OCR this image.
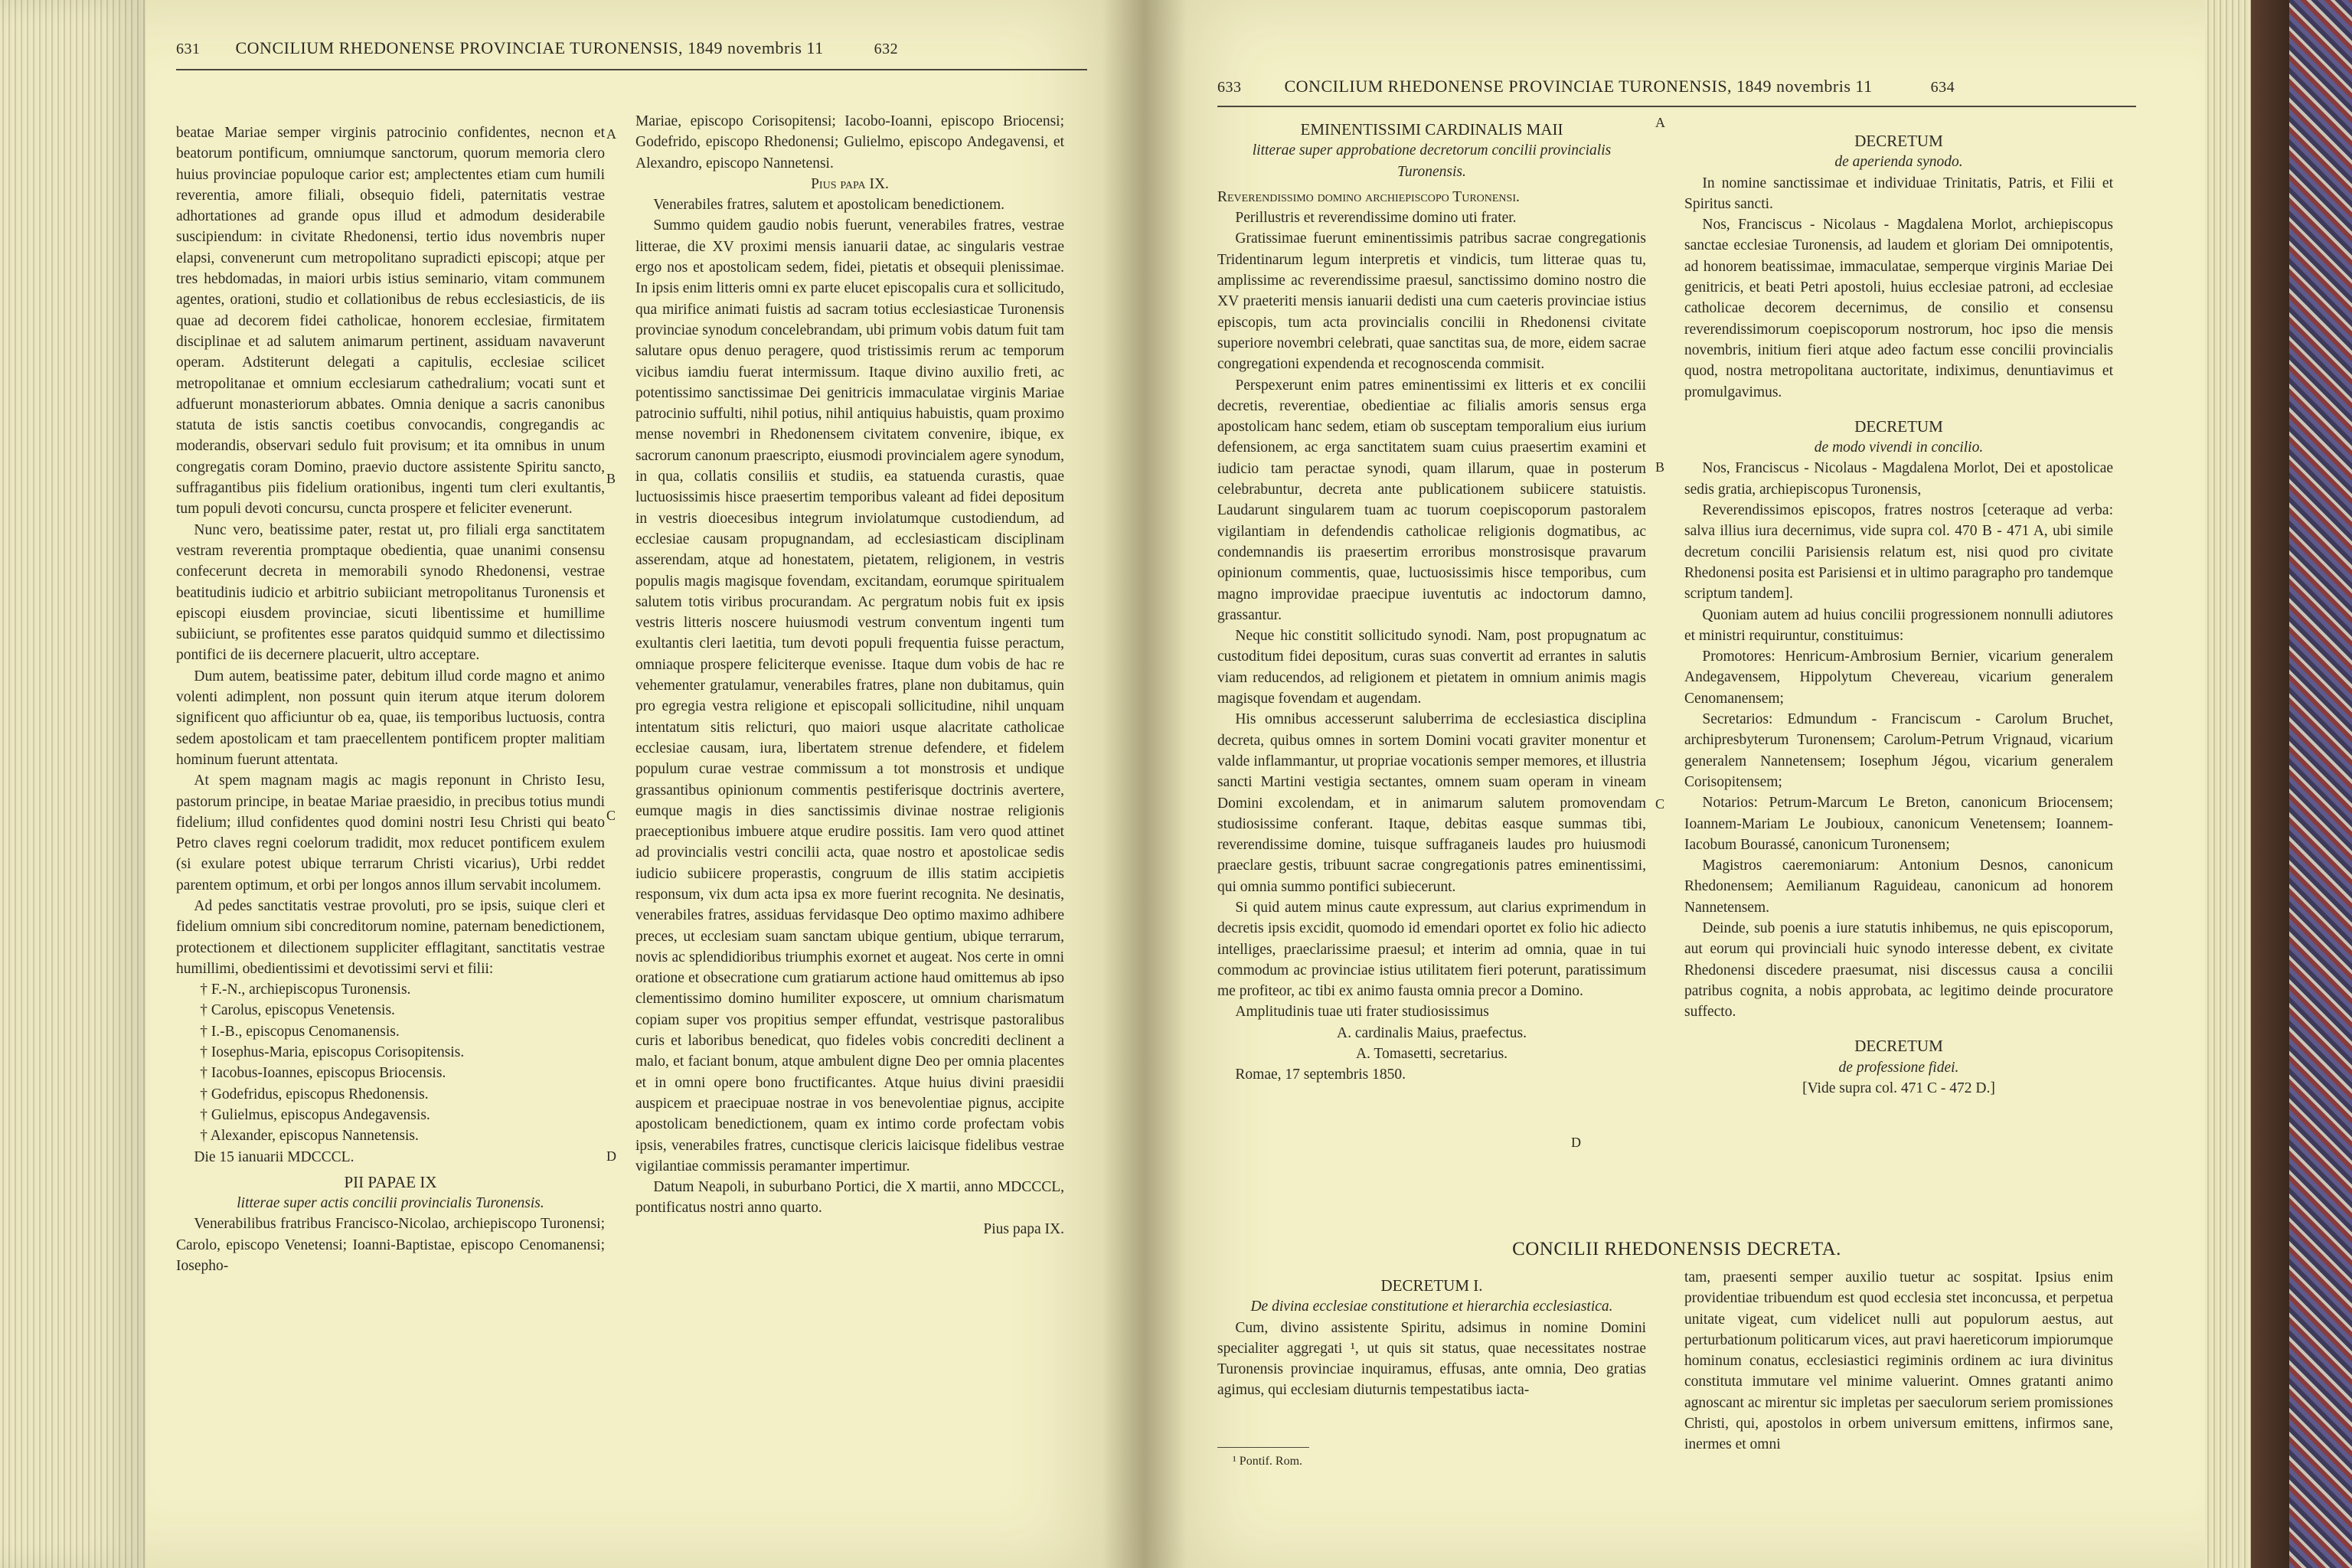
631 CONCILIUM RHEDONENSE PROVINCIAE TURONENSIS, 1849 novembris 11	632

beatae Mariae semper virginis patrocinio confidentes, necnon et beatorum pontificum, omniumque sanctorum, quorum memoria clero huius provinciae populoque carior est; amplectentes etiam cum humili reverentia, amore filiali, obsequio fideli, paternitatis vestrae adhortationes ad grande opus illud et admodum desiderabile suscipiendum: in civitate Rhedonensi, tertio idus novembris nuper elapsi, convenerunt cum metropolitano supradicti episcopi; atque per tres hebdomadas, in maiori urbis istius seminario, vitam communem agentes, orationi, studio et collationibus de rebus ecclesiasticis, de iis quae ad decorem fidei catholicae, honorem ecclesiae, firmitatem disciplinae et ad salutem animarum pertinent, assiduam navaverunt operam. Adstiterunt delegati a capitulis, ecclesiae scilicet metropolitanae et omnium ecclesiarum cathedralium; vocati sunt et adfuerunt monasteriorum abbates. Omnia denique a sacris canonibus statuta de istis sanctis coetibus convocandis, congregandis ac moderandis, observari sedulo fuit provisum; et ita omnibus in unum congregatis coram Domino, praevio ductore assistente Spiritu sancto, suffragantibus piis fidelium orationibus, ingenti tum cleri exultantis, tum populi devoti concursu, cuncta prospere et feliciter evenerunt.

Nunc vero, beatissime pater, restat ut, pro filiali erga sanctitatem vestram reverentia promptaque obedientia, quae unanimi consensu confecerunt decreta in memorabili synodo Rhedonensi, vestrae beatitudinis iudicio et arbitrio subiiciant metropolitanus Turonensis et episcopi eiusdem provinciae, sicuti libentissime et humillime subiiciunt, se profitentes esse paratos quidquid summo et dilectissimo pontifici de iis decernere placuerit, ultro acceptare.

Dum autem, beatissime pater, debitum illud corde magno et animo volenti adimplent, non possunt quin iterum atque iterum dolorem significent quo afficiuntur ob ea, quae, iis temporibus luctuosis, contra sedem apostolicam et tam praecellentem pontificem propter malitiam hominum fuerunt attentata.

At spem magnam magis ac magis reponunt in Christo Iesu, pastorum principe, in beatae Mariae praesidio, in precibus totius mundi fidelium; illud confidentes quod domini nostri Iesu Christi qui beato Petro claves regni coelorum tradidit, mox reducet pontificem exulem (si exulare potest ubique terrarum Christi vicarius), Urbi reddet parentem optimum, et orbi per longos annos illum servabit incolumem.

Ad pedes sanctitatis vestrae provoluti, pro se ipsis, suique cleri et fidelium omnium sibi concreditorum nomine, paternam benedictionem, protectionem et dilectionem suppliciter efflagitant, sanctitatis vestrae humillimi, obedientissimi et devotissimi servi et filii:

† F.-N., archiepiscopus Turonensis.
† Carolus, episcopus Venetensis.
† I.-B., episcopus Cenomanensis.
† Iosephus-Maria, episcopus Corisopitensis.
† Iacobus-Ioannes, episcopus Briocensis.
† Godefridus, episcopus Rhedonensis.
† Gulielmus, episcopus Andegavensis.
† Alexander, episcopus Nannetensis.

Die 15 ianuarii MDCCCL.

PII PAPAE IX
litterae super actis concilii provincialis Turonensis.

Venerabilibus fratribus Francisco-Nicolao, archiepiscopo Turonensi; Carolo, episcopo Venetensi; Ioanni-Baptistae, episcopo Cenomanensi; Iosepho-

Mariae, episcopo Corisopitensi; Iacobo-Ioanni, episcopo Briocensi; Godefrido, episcopo Rhedonensi; Gulielmo, episcopo Andegavensi, et Alexandro, episcopo Nannetensi.

Pius papa IX.

Venerabiles fratres, salutem et apostolicam benedictionem.

Summo quidem gaudio nobis fuerunt, venerabiles fratres, vestrae litterae, die XV proximi mensis ianuarii datae, ac singularis vestrae ergo nos et apostolicam sedem, fidei, pietatis et obsequii plenissimae. In ipsis enim litteris omni ex parte elucet episcopalis cura et sollicitudo, qua mirifice animati fuistis ad sacram totius ecclesiasticae Turonensis provinciae synodum concelebrandam, ubi primum vobis datum fuit tam salutare opus denuo peragere, quod tristissimis rerum ac temporum vicibus iamdiu fuerat intermissum. Itaque divino auxilio freti, ac potentissimo sanctissimae Dei genitricis immaculatae virginis Mariae patrocinio suffulti, nihil potius, nihil antiquius habuistis, quam proximo mense novembri in Rhedonensem civitatem convenire, ibique, ex sacrorum canonum praescripto, eiusmodi provincialem agere synodum, in qua, collatis consiliis et studiis, ea statuenda curastis, quae luctuosissimis hisce praesertim temporibus valeant ad fidei depositum in vestris dioecesibus integrum inviolatumque custodiendum, ad ecclesiae causam propugnandam, ad ecclesiasticam disciplinam asserendam, atque ad honestatem, pietatem, religionem, in vestris populis magis magisque fovendam, excitandam, eorumque spiritualem salutem totis viribus procurandam. Ac pergratum nobis fuit ex ipsis vestris litteris noscere huiusmodi vestrum conventum ingenti tum exultantis cleri laetitia, tum devoti populi frequentia fuisse peractum, omniaque prospere feliciterque evenisse. Itaque dum vobis de hac re vehementer gratulamur, venerabiles fratres, plane non dubitamus, quin pro egregia vestra religione et episcopali sollicitudine, nihil unquam intentatum sitis relicturi, quo maiori usque alacritate catholicae ecclesiae causam, iura, libertatem strenue defendere, et fidelem populum curae vestrae commissum a tot monstrosis et undique grassantibus opinionum commentis pestiferisque doctrinis avertere, eumque magis in dies sanctissimis divinae nostrae religionis praeceptionibus imbuere atque erudire possitis. Iam vero quod attinet ad provincialis vestri concilii acta, quae nostro et apostolicae sedis iudicio subiicere properastis, congruum de illis statim accipietis responsum, vix dum acta ipsa ex more fuerint recognita. Ne desinatis, venerabiles fratres, assiduas fervidasque Deo optimo maximo adhibere preces, ut ecclesiam suam sanctam ubique gentium, ubique terrarum, novis ac splendidioribus triumphis exornet et augeat. Nos certe in omni oratione et obsecratione cum gratiarum actione haud omittemus ab ipso clementissimo domino humiliter exposcere, ut omnium charismatum copiam super vos propitius semper effundat, vestrisque pastoralibus curis et laboribus benedicat, quo fideles vobis concrediti declinent a malo, et faciant bonum, atque ambulent digne Deo per omnia placentes et in omni opere bono fructificantes. Atque huius divini praesidii auspicem et praecipuae nostrae in vos benevolentiae pignus, accipite apostolicam benedictionem, quam ex intimo corde profectam vobis ipsis, venerabiles fratres, cunctisque clericis laicisque fidelibus vestrae vigilantiae commissis peramanter impertimur.

Datum Neapoli, in suburbano Portici, die X martii, anno MDCCCL, pontificatus nostri anno quarto.

Pius papa IX.
A
B
C
D
633	CONCILIUM RHEDONENSE PROVINCIAE TURONENSIS, 1849 novembris 11	634
EMINENTISSIMI CARDINALIS MAII
litterae super approbatione decretorum concilii provincialis Turonensis.

Reverendissimo domino archiepiscopo Turonensi.

Perillustris et reverendissime domino uti frater.

Gratissimae fuerunt eminentissimis patribus sacrae congregationis Tridentinarum legum interpretis et vindicis, tum litterae quas tu, amplissime ac reverendissime praesul, sanctissimo domino nostro die XV praeteriti mensis ianuarii dedisti una cum caeteris provinciae istius episcopis, tum acta provincialis concilii in Rhedonensi civitate superiore novembri celebrati, quae sanctitas sua, de more, eidem sacrae congregationi expendenda et recognoscenda commisit.

Perspexerunt enim patres eminentissimi ex litteris et ex concilii decretis, reverentiae, obedientiae ac filialis amoris sensus erga apostolicam hanc sedem, etiam ob susceptam temporalium eius iurium defensionem, ac erga sanctitatem suam cuius praesertim examini et iudicio tam peractae synodi, quam illarum, quae in posterum celebrabuntur, decreta ante publicationem subiicere statuistis. Laudarunt singularem tuam ac tuorum coepiscoporum pastoralem vigilantiam in defendendis catholicae religionis dogmatibus, ac condemnandis iis praesertim erroribus monstrosisque pravarum opinionum commentis, quae, luctuosissimis hisce temporibus, cum magno improvidae praecipue iuventutis ac indoctorum damno, grassantur.

Neque hic constitit sollicitudo synodi. Nam, post propugnatum ac custoditum fidei depositum, curas suas convertit ad errantes in salutis viam reducendos, ad religionem et pietatem in omnium animis magis magisque fovendam et augendam.

His omnibus accesserunt saluberrima de ecclesiastica disciplina decreta, quibus omnes in sortem Domini vocati graviter monentur et valde inflammantur, ut propriae vocationis semper memores, et illustria sancti Martini vestigia sectantes, omnem suam operam in vineam Domini excolendam, et in animarum salutem promovendam studiosissime conferant. Itaque, debitas easque summas tibi, reverendissime domine, tuisque suffraganeis laudes pro huiusmodi praeclare gestis, tribuunt sacrae congregationis patres eminentissimi, qui omnia summo pontifici subiecerunt.

Si quid autem minus caute expressum, aut clarius exprimendum in decretis ipsis excidit, quomodo id emendari oportet ex folio hic adiecto intelliges, praeclarissime praesul; et interim ad omnia, quae in tui commodum ac provinciae istius utilitatem fieri poterunt, paratissimum me profiteor, ac tibi ex animo fausta omnia precor a Domino.

Amplitudinis tuae uti frater studiosissimus

A. cardinalis Maius, praefectus.
A. Tomasetti, secretarius.

Romae, 17 septembris 1850.

CONCILII RHEDONENSIS DECRETA.
DECRETUM I.
De divina ecclesiae constitutione et hierarchia ecclesiastica.

Cum, divino assistente Spiritu, adsimus in nomine Domini specialiter aggregati ¹, ut quis sit status, quae necessitates nostrae Turonensis provinciae inquiramus, effusas, ante omnia, Deo gratias agimus, qui ecclesiam diuturnis tempestatibus iacta-

¹ Pontif. Rom.
DECRETUM
de aperienda synodo.

In nomine sanctissimae et individuae Trinitatis, Patris, et Filii et Spiritus sancti.

Nos, Franciscus - Nicolaus - Magdalena Morlot, archiepiscopus sanctae ecclesiae Turonensis, ad laudem et gloriam Dei omnipotentis, ad honorem beatissimae, immaculatae, semperque virginis Mariae Dei genitricis, et beati Petri apostoli, huius ecclesiae patroni, ad ecclesiae catholicae decorem decernimus, de consilio et consensu reverendissimorum coepiscoporum nostrorum, hoc ipso die mensis novembris, initium fieri atque adeo factum esse concilii provincialis quod, nostra metropolitana auctoritate, indiximus, denuntiavimus et promulgavimus.

DECRETUM
de modo vivendi in concilio.

Nos, Franciscus - Nicolaus - Magdalena Morlot, Dei et apostolicae sedis gratia, archiepiscopus Turonensis,

Reverendissimos episcopos, fratres nostros [ceteraque ad verba: salva illius iura decernimus, vide supra col. 470 B - 471 A, ubi simile decretum concilii Parisiensis relatum est, nisi quod pro civitate Rhedonensi posita est Parisiensi et in ultimo paragrapho pro tandemque scriptum tandem].

Quoniam autem ad huius concilii progressionem nonnulli adiutores et ministri requiruntur, constituimus:

Promotores: Henricum-Ambrosium Bernier, vicarium generalem Andegavensem, Hippolytum Chevereau, vicarium generalem Cenomanensem;

Secretarios: Edmundum - Franciscum - Carolum Bruchet, archipresbyterum Turonensem; Carolum-Petrum Vrignaud, vicarium generalem Nannetensem; Iosephum Jégou, vicarium generalem Corisopitensem;

Notarios: Petrum-Marcum Le Breton, canonicum Briocensem; Ioannem-Mariam Le Joubioux, canonicum Venetensem; Ioannem-Iacobum Bourassé, canonicum Turonensem;

Magistros caeremoniarum: Antonium Desnos, canonicum Rhedonensem; Aemilianum Raguideau, canonicum ad honorem Nannetensem.

Deinde, sub poenis a iure statutis inhibemus, ne quis episcoporum, aut eorum qui provinciali huic synodo interesse debent, ex civitate Rhedonensi discedere praesumat, nisi discessus causa a concilii patribus cognita, a nobis approbata, ac legitimo deinde procuratore suffecto.

DECRETUM
de professione fidei.
[Vide supra col. 471 C - 472 D.]

tam, praesenti semper auxilio tuetur ac sospitat. Ipsius enim providentiae tribuendum est quod ecclesia stet inconcussa, et perpetua unitate vigeat, cum videlicet nulli aut populorum aestus, aut perturbationum politicarum vices, aut pravi haereticorum impiorumque hominum conatus, ecclesiastici regiminis ordinem ac iura divinitus constituta immutare vel minime valuerint. Omnes gratanti animo agnoscant ac mirentur sic impletas per saeculorum seriem promissiones Christi, qui, apostolos in orbem universum emittens, infirmos sane, inermes et omni

A
B
C
D
